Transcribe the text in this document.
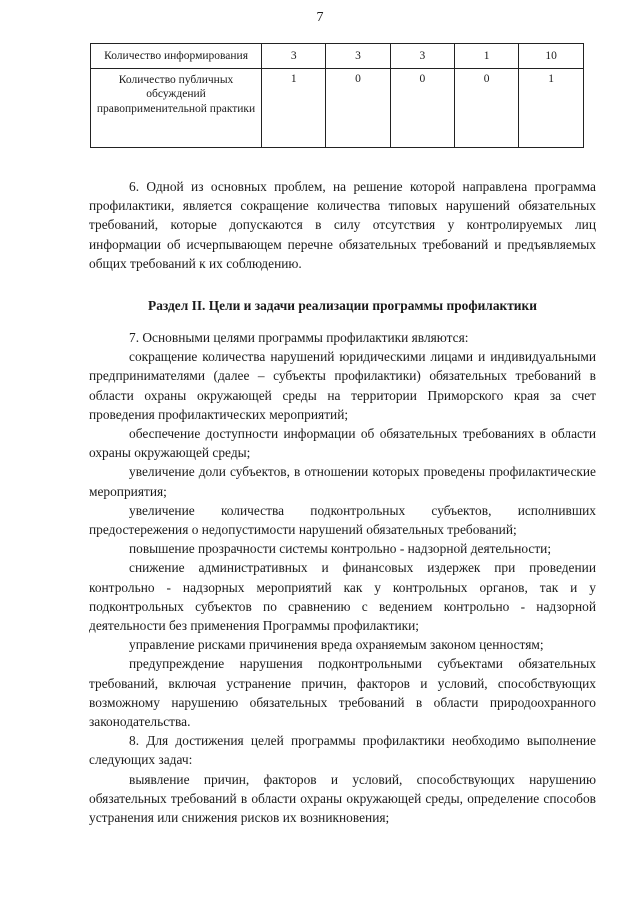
7
Количество информирования	3	3	3	1	10
Количество публичных обсуждений правоприменительной практики	1	0	0	0	1

6. Одной из основных проблем, на решение которой направлена программа профилактики, является сокращение количества типовых нарушений обязательных требований, которые допускаются в силу отсутствия у контролируемых лиц информации об исчерпывающем перечне обязательных требований и предъявляемых общих требований к их соблюдению.

Раздел II. Цели и задачи реализации программы профилактики

7. Основными целями программы профилактики являются:

сокращение количества нарушений юридическими лицами и индивидуальными предпринимателями (далее – субъекты профилактики) обязательных требований в области охраны окружающей среды на территории Приморского края за счет проведения профилактических мероприятий;

обеспечение доступности информации об обязательных требованиях в области охраны окружающей среды;

увеличение доли субъектов, в отношении которых проведены профилактические мероприятия;

увеличение количества подконтрольных субъектов, исполнивших предостережения о недопустимости нарушений обязательных требований;

повышение прозрачности системы контрольно - надзорной деятельности;

снижение административных и финансовых издержек при проведении контрольно - надзорных мероприятий как у контрольных органов, так и у подконтрольных субъектов по сравнению с ведением контрольно - надзорной деятельности без применения Программы профилактики;

управление рисками причинения вреда охраняемым законом ценностям;

предупреждение нарушения подконтрольными субъектами обязательных требований, включая устранение причин, факторов и условий, способствующих возможному нарушению обязательных требований в области природоохранного законодательства.

8. Для достижения целей программы профилактики необходимо выполнение следующих задач:

выявление причин, факторов и условий, способствующих нарушению обязательных требований в области охраны окружающей среды, определение способов устранения или снижения рисков их возникновения;
